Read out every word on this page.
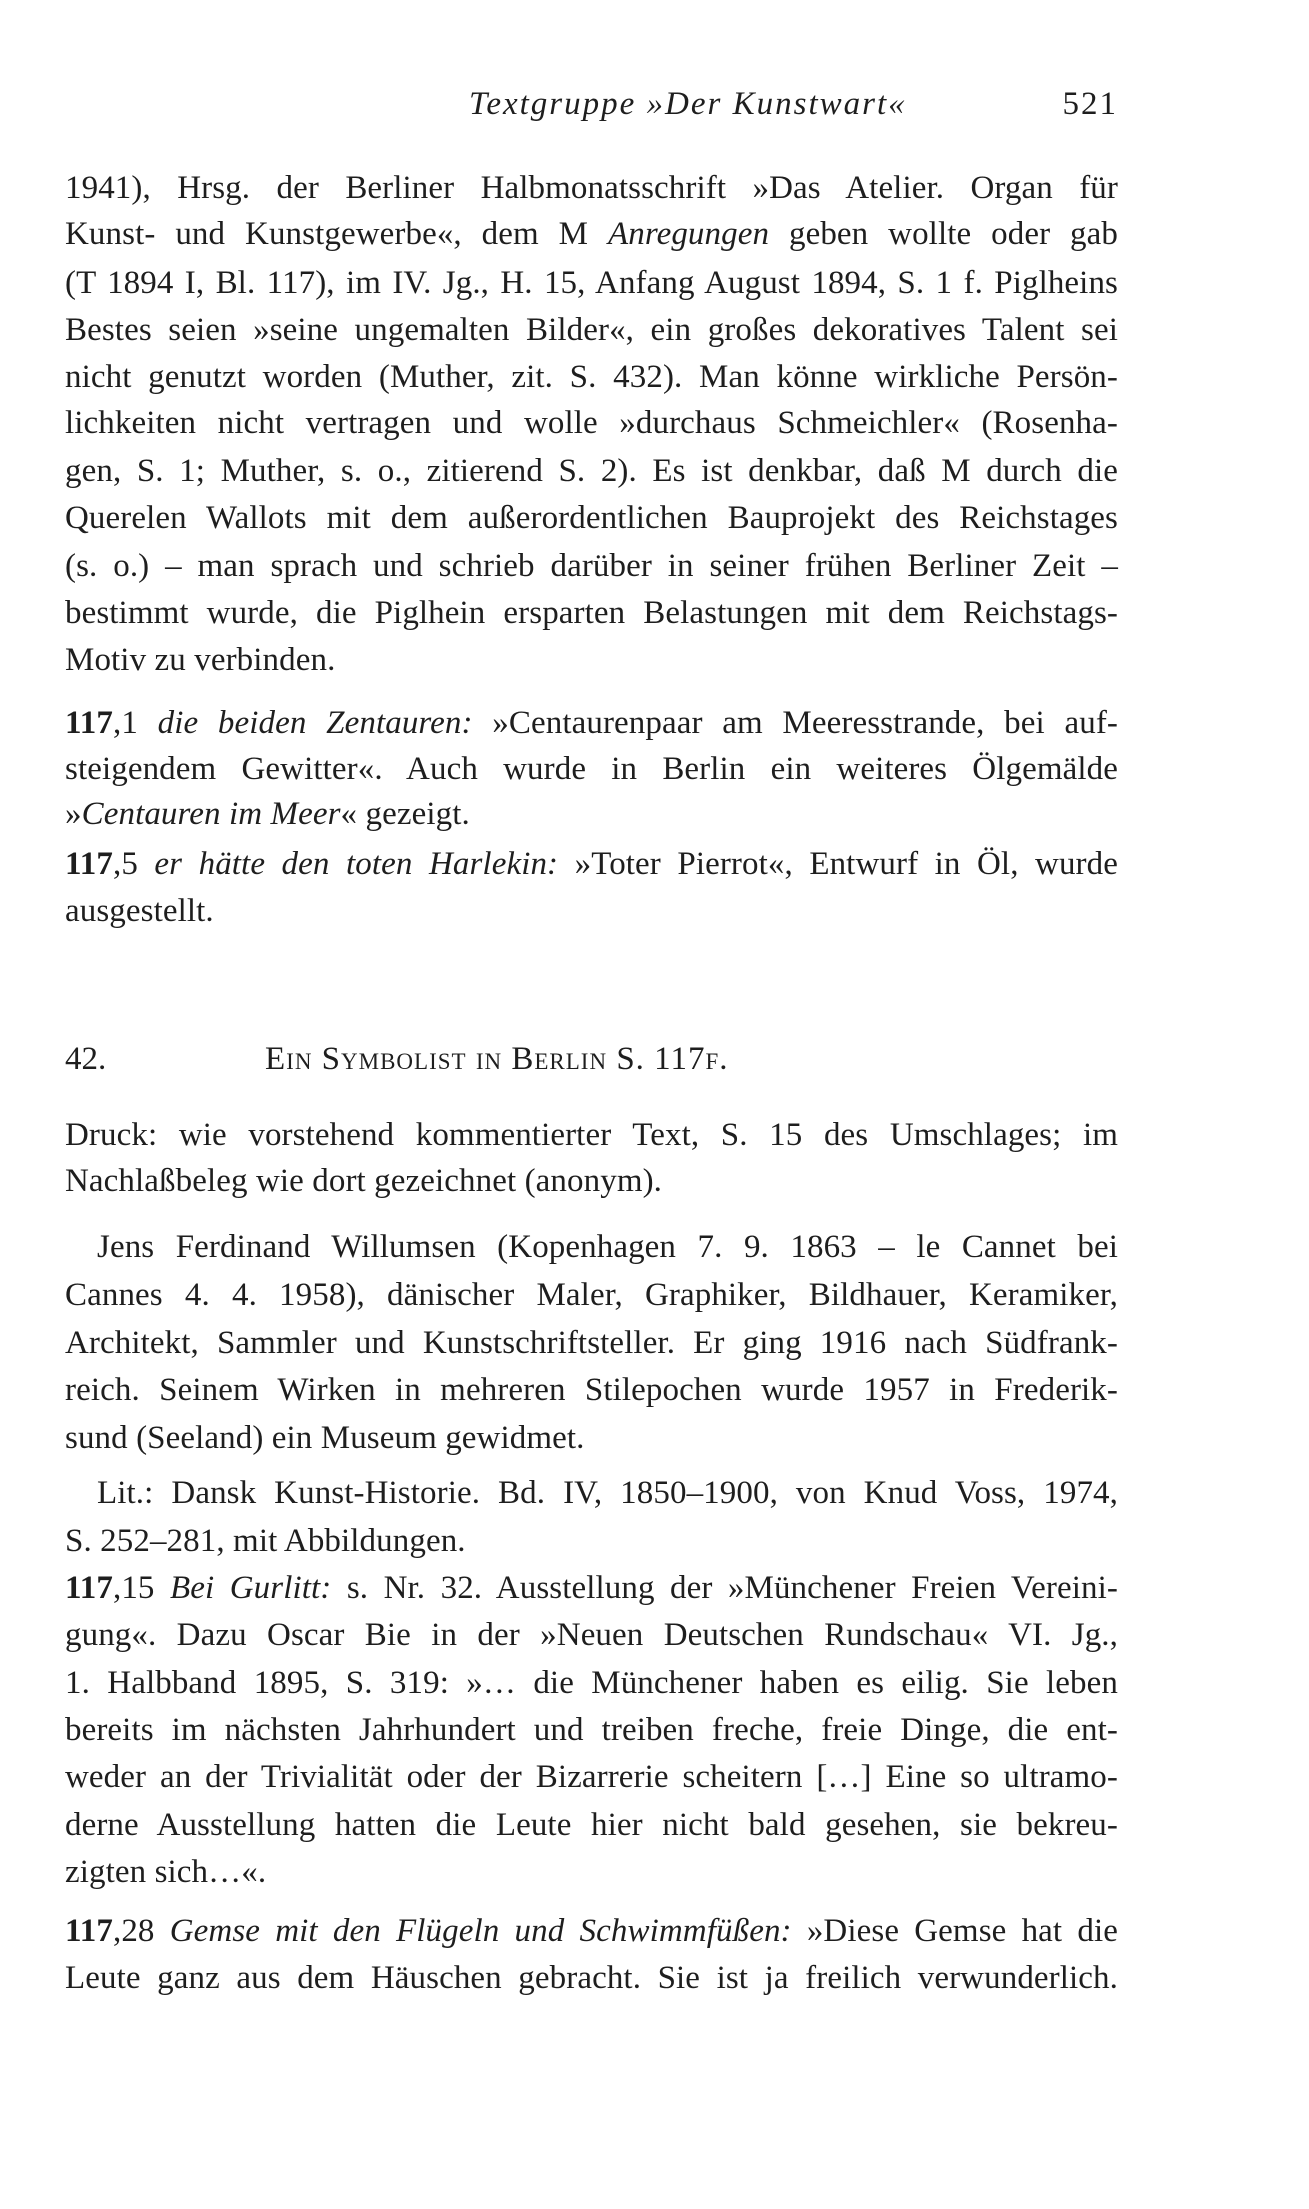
Textgruppe »Der Kunstwart«	521
42.	Ein Symbolist in Berlin S. 117f.
1941), Hrsg. der Berliner Halbmonatsschrift »Das Atelier. Organ für
Kunst- und Kunstgewerbe«, dem M Anregungen geben wollte oder gab
(T 1894 I, Bl. 117), im IV. Jg., H. 15, Anfang August 1894, S. 1 f. Piglheins
Bestes seien »seine ungemalten Bilder«, ein großes dekoratives Talent sei
nicht genutzt worden (Muther, zit. S. 432). Man könne wirkliche Persön-
lichkeiten nicht vertragen und wolle »durchaus Schmeichler« (Rosenha-
gen, S. 1; Muther, s. o., zitierend S. 2). Es ist denkbar, daß M durch die
Querelen Wallots mit dem außerordentlichen Bauprojekt des Reichstages
(s. o.) – man sprach und schrieb darüber in seiner frühen Berliner Zeit –
bestimmt wurde, die Piglhein ersparten Belastungen mit dem Reichstags-
Motiv zu verbinden.
117,1 die beiden Zentauren: »Centaurenpaar am Meeresstrande, bei auf-
steigendem Gewitter«. Auch wurde in Berlin ein weiteres Ölgemälde
»Centauren im Meer« gezeigt.
117,5 er hätte den toten Harlekin: »Toter Pierrot«, Entwurf in Öl, wurde
ausgestellt.
Druck: wie vorstehend kommentierter Text, S. 15 des Umschlages; im
Nachlaßbeleg wie dort gezeichnet (anonym).
Jens Ferdinand Willumsen (Kopenhagen 7. 9. 1863 – le Cannet bei
Cannes 4. 4. 1958), dänischer Maler, Graphiker, Bildhauer, Keramiker,
Architekt, Sammler und Kunstschriftsteller. Er ging 1916 nach Südfrank-
reich. Seinem Wirken in mehreren Stilepochen wurde 1957 in Frederik-
sund (Seeland) ein Museum gewidmet.
Lit.: Dansk Kunst-Historie. Bd. IV, 1850–1900, von Knud Voss, 1974,
S. 252–281, mit Abbildungen.
117,15 Bei Gurlitt: s. Nr. 32. Ausstellung der »Münchener Freien Vereini-
gung«. Dazu Oscar Bie in der »Neuen Deutschen Rundschau« VI. Jg.,
1. Halbband 1895, S. 319: »… die Münchener haben es eilig. Sie leben
bereits im nächsten Jahrhundert und treiben freche, freie Dinge, die ent-
weder an der Trivialität oder der Bizarrerie scheitern […] Eine so ultramo-
derne Ausstellung hatten die Leute hier nicht bald gesehen, sie bekreu-
zigten sich…«.
117,28 Gemse mit den Flügeln und Schwimmfüßen: »Diese Gemse hat die
Leute ganz aus dem Häuschen gebracht. Sie ist ja freilich verwunderlich.
